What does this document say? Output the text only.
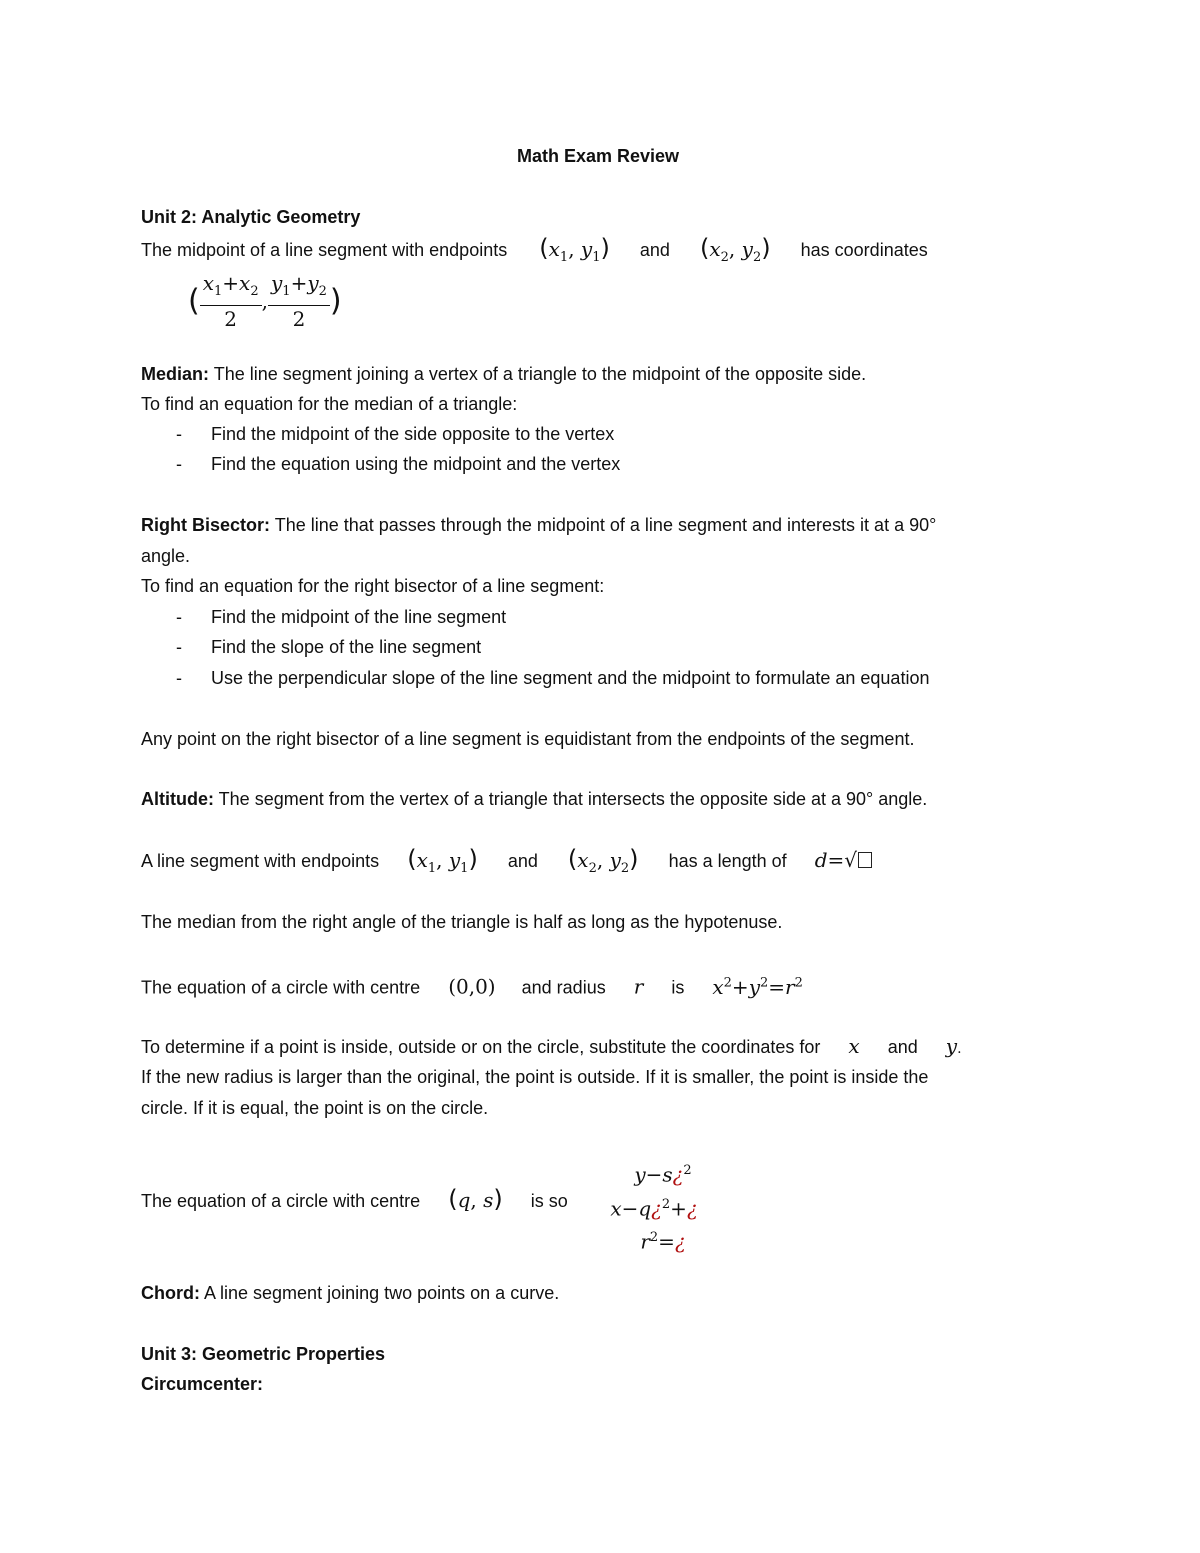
Math Exam Review
Unit 2: Analytic Geometry
The midpoint of a line segment with endpoints ($x_1$, $y_1$) and ($x_2$, $y_2$) has coordinates
( $\frac{x_1+x_2}{2}$ , $\frac{y_1+y_2}{2}$ )
Median: The line segment joining a vertex of a triangle to the midpoint of the opposite side.
To find an equation for the median of a triangle:
- Find the midpoint of the side opposite to the vertex
- Find the equation using the midpoint and the vertex
Right Bisector: The line that passes through the midpoint of a line segment and interests it at a 90°
angle.
To find an equation for the right bisector of a line segment:
- Find the midpoint of the line segment
- Find the slope of the line segment
- Use the perpendicular slope of the line segment and the midpoint to formulate an equation
Any point on the right bisector of a line segment is equidistant from the endpoints of the segment.
Altitude: The segment from the vertex of a triangle that intersects the opposite side at a 90° angle.
A line segment with endpoints ($x_1$, $y_1$) and ($x_2$, $y_2$) has a length of d=√
The median from the right angle of the triangle is half as long as the hypotenuse.
The equation of a circle with centre (0,0) and radius r is $x^2+y^2=r^2$
To determine if a point is inside, outside or on the circle, substitute the coordinates for x and y.
If the new radius is larger than the original, the point is outside. If it is smaller, the point is inside the
circle. If it is equal, the point is on the circle.
The equation of a circle with centre (q, s) is so
y−s¿$^2$
x−q¿$^2$+¿
$r^2=¿$
Chord: A line segment joining two points on a curve.
Unit 3: Geometric Properties
Circumcenter:
